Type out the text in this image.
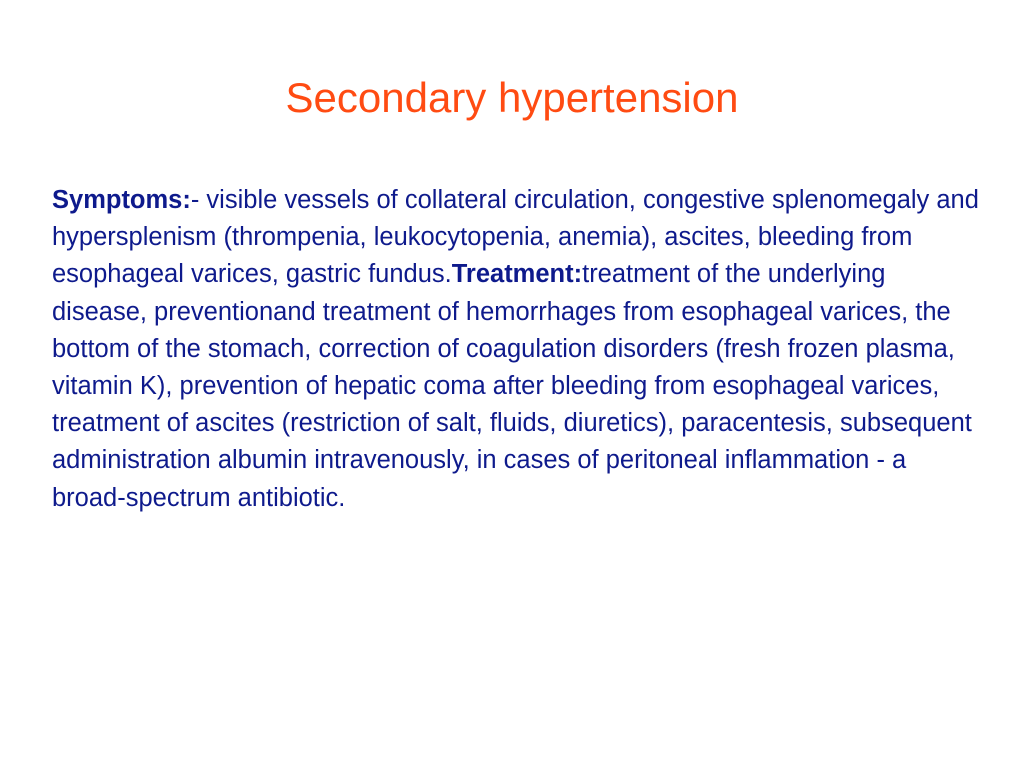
Secondary hypertension

Symptoms:- visible vessels of collateral circulation, congestive splenomegaly and hypersplenism (thrompenia, leukocytopenia, anemia), ascites, bleeding from esophageal varices, gastric fundus.Treatment:treatment of the underlying disease, preventionand treatment of hemorrhages from esophageal varices, the bottom of the stomach, correction of coagulation disorders (fresh frozen plasma, vitamin K), prevention of hepatic coma after bleeding from esophageal varices, treatment of ascites (restriction of salt, fluids, diuretics), paracentesis, subsequent administration albumin intravenously, in cases of peritoneal inflammation - a broad-spectrum antibiotic.
